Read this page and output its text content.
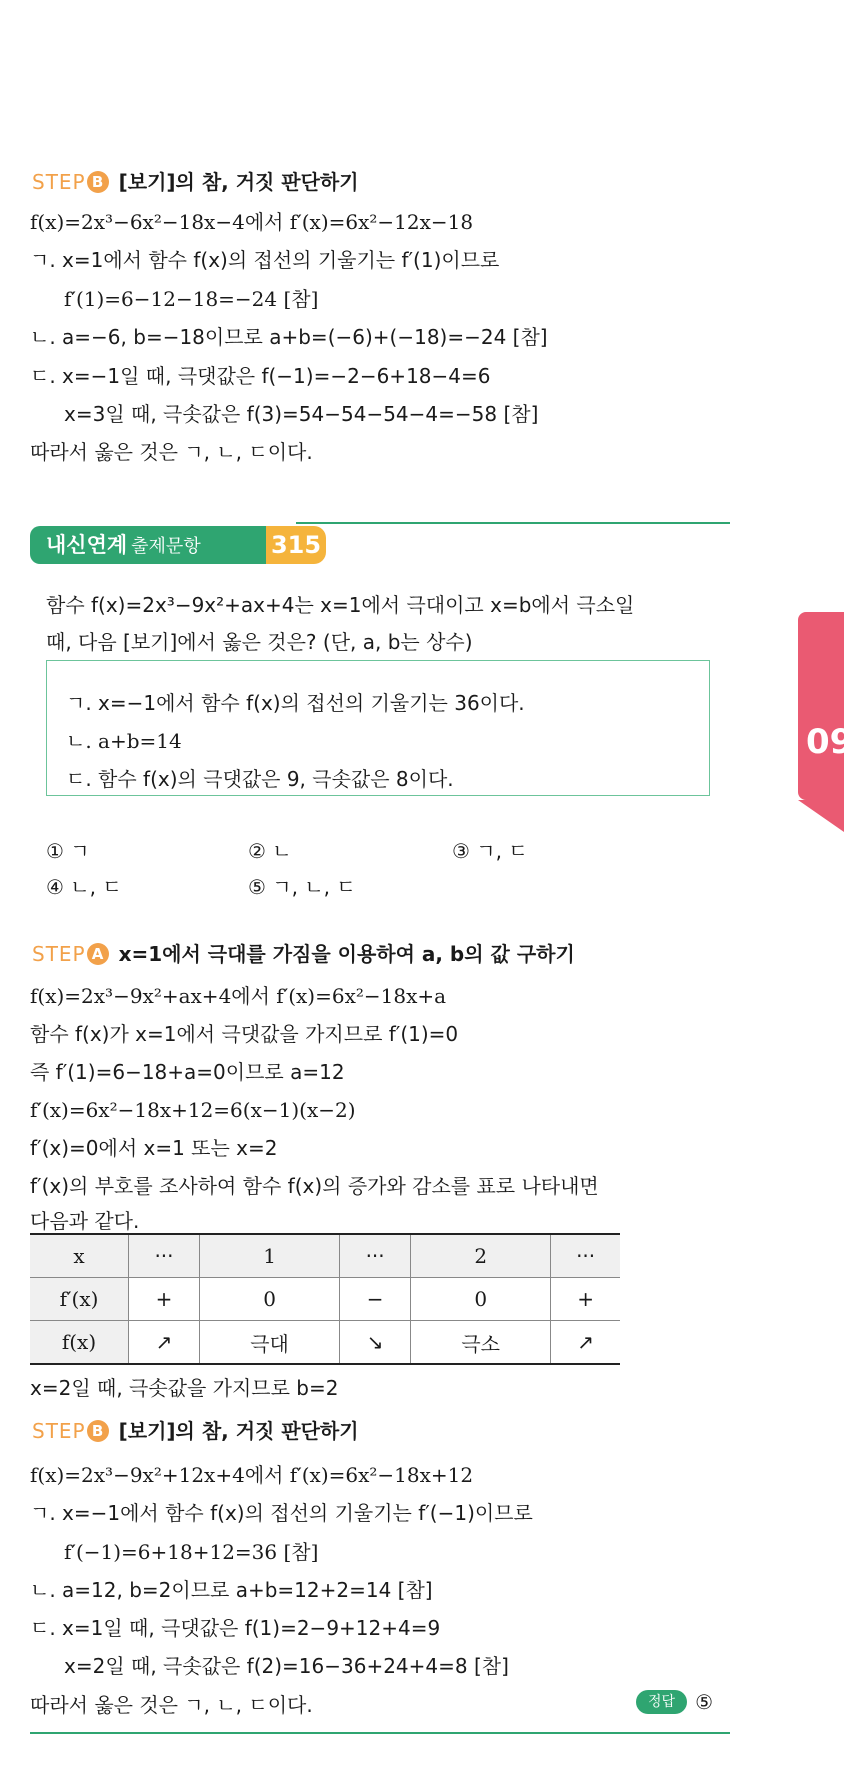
STEP B [보기]의 참, 거짓 판단하기
f(x)=2x³−6x²−18x−4에서 f′(x)=6x²−12x−18
ㄱ. x=1에서 함수 f(x)의 접선의 기울기는 f′(1)이므로
f′(1)=6−12−18=−24 [참]
ㄴ. a=−6, b=−18이므로 a+b=(−6)+(−18)=−24 [참]
ㄷ. x=−1일 때, 극댓값은 f(−1)=−2−6+18−4=6
x=3일 때, 극솟값은 f(3)=54−54−54−4=−58 [참]
따라서 옳은 것은 ㄱ, ㄴ, ㄷ이다.
내신연계 출제문항	315
함수 f(x)=2x³−9x²+ax+4는 x=1에서 극대이고 x=b에서 극소일
때, 다음 [보기]에서 옳은 것은? (단, a, b는 상수)
ㄱ. x=−1에서 함수 f(x)의 접선의 기울기는 36이다.
ㄴ. a+b=14
ㄷ. 함수 f(x)의 극댓값은 9, 극솟값은 8이다.
① ㄱ	② ㄴ	③ ㄱ, ㄷ
④ ㄴ, ㄷ	⑤ ㄱ, ㄴ, ㄷ
STEP A x=1에서 극대를 가짐을 이용하여 a, b의 값 구하기
f(x)=2x³−9x²+ax+4에서 f′(x)=6x²−18x+a
함수 f(x)가 x=1에서 극댓값을 가지므로 f′(1)=0
즉 f′(1)=6−18+a=0이므로 a=12
f′(x)=6x²−18x+12=6(x−1)(x−2)
f′(x)=0에서 x=1 또는 x=2
f′(x)의 부호를 조사하여 함수 f(x)의 증가와 감소를 표로 나타내면
다음과 같다.
x	···	1	···	2	···
f′(x)	+	0	−	0	+
f(x)	↗	극대	↘	극소	↗
x=2일 때, 극솟값을 가지므로 b=2
STEP B [보기]의 참, 거짓 판단하기
f(x)=2x³−9x²+12x+4에서 f′(x)=6x²−18x+12
ㄱ. x=−1에서 함수 f(x)의 접선의 기울기는 f′(−1)이므로
f′(−1)=6+18+12=36 [참]
ㄴ. a=12, b=2이므로 a+b=12+2=14 [참]
ㄷ. x=1일 때, 극댓값은 f(1)=2−9+12+4=9
x=2일 때, 극솟값은 f(2)=16−36+24+4=8 [참]
따라서 옳은 것은 ㄱ, ㄴ, ㄷ이다.	정답 ⑤
09
